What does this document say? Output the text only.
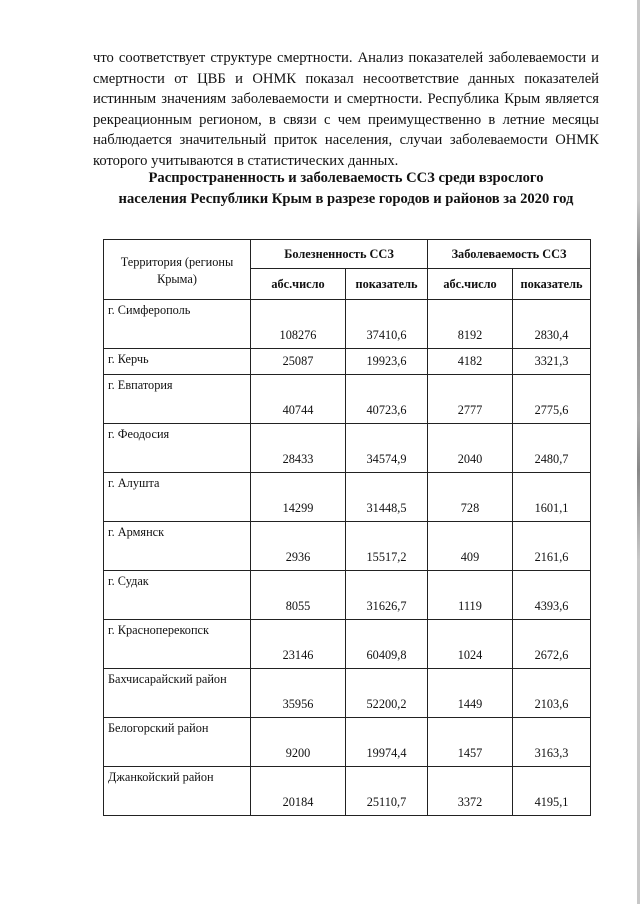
что соответствует структуре смертности. Анализ показателей заболеваемости и смертности от ЦВБ и ОНМК показал несоответствие данных показателей истинным значениям заболеваемости и смертности. Республика Крым является рекреационным регионом, в связи с чем преимущественно в летние месяцы наблюдается значительный приток населения, случаи заболеваемости ОНМК которого учитываются в статистических данных.

Распространенность и заболеваемость ССЗ среди взрослого
населения Республики Крым в разрезе городов и районов за 2020 год
Территория (регионы Крыма)	Болезненность ССЗ		Заболеваемость ССЗ	
	абс.число	показатель	абс.число	показатель
г. Симферополь	108276	37410,6	8192	2830,4
г. Керчь	25087	19923,6	4182	3321,3
г. Евпатория	40744	40723,6	2777	2775,6
г. Феодосия	28433	34574,9	2040	2480,7
г. Алушта	14299	31448,5	728	1601,1
г. Армянск	2936	15517,2	409	2161,6
г. Судак	8055	31626,7	1119	4393,6
г. Красноперекопск	23146	60409,8	1024	2672,6
Бахчисарайский район	35956	52200,2	1449	2103,6
Белогорский район	9200	19974,4	1457	3163,3
Джанкойский район	20184	25110,7	3372	4195,1
